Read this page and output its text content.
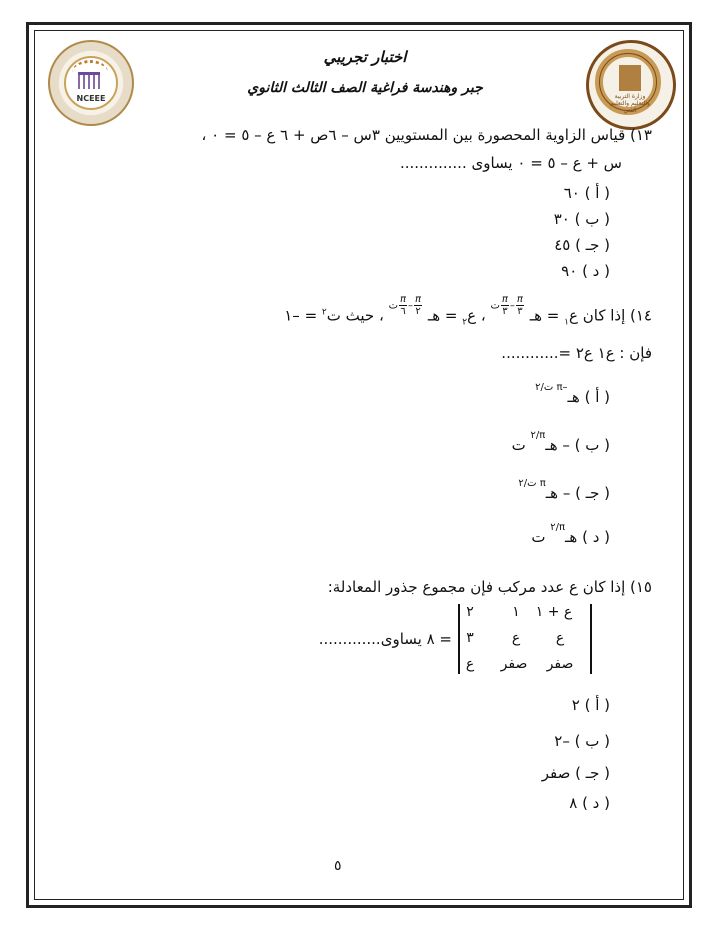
NCEEE	وزارة التربية والتعليم والتعليم الفني
اختبار تجريبي
جبر وهندسة فراغية الصف الثالث الثانوي
١٣) قياس الزاوية المحصورة بين المستويين ٣س – ٦ص + ٦ ع – ٥ = ٠ ،
س + ع – ٥ = ٠ يساوى ..............
( أ ) ٦٠
( ب ) ٣٠
( جـ ) ٤٥
( د ) ٩٠
١٤) إذا كان ع$_١$ = هـ
$\frac{\pi}{٣}$
–
$\frac{\pi}{٣}$
ت ، ع$_٢$ = هـ
$\frac{\pi}{٢}$
–
$\frac{\pi}{٦}$
ت ، حيث ت$^٢$ = –١
فإن : ع١ ع٢ =............
( أ ) هـ–π ت/٢
( ب ) – هـπ/٢ ت
( جـ ) – هـπ ت/٢
( د ) هـπ/٢ ت
١٥) إذا كان ع عدد مركب فإن مجموع جذور المعادلة:
ع + ١
١
٢
ع
ع
٣
صفر
صفر
ع
= ٨ يساوى.............
( أ ) ٢
( ب ) –٢
( جـ ) صفر
( د ) ٨
٥
